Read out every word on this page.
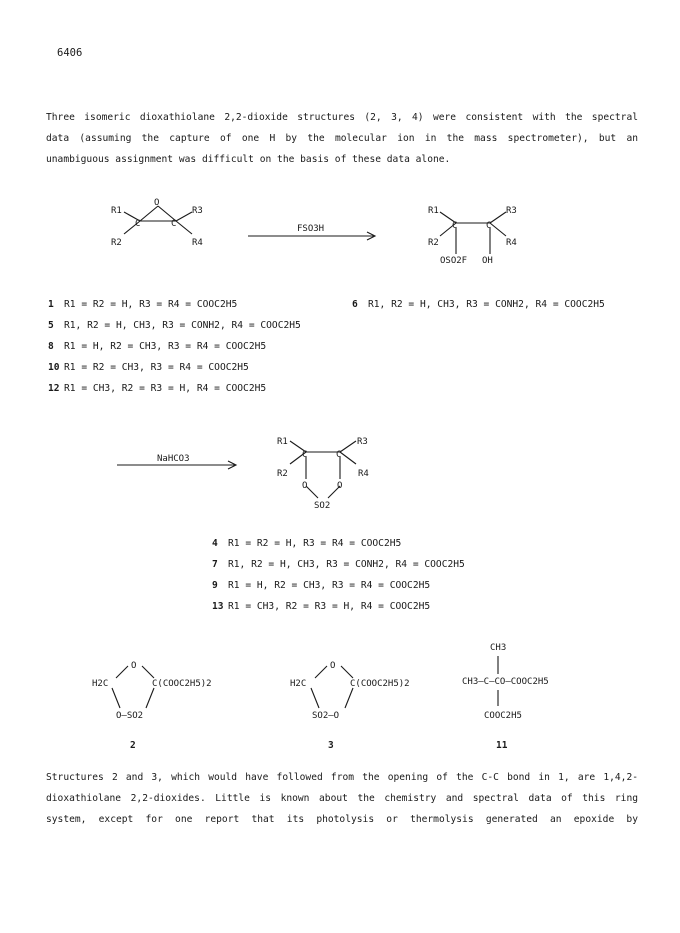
6406
Three isomeric dioxathiolane 2,2-dioxide structures (2, 3, 4) were consistent with the spectral
data (assuming the capture of one H by the molecular ion in the mass spectrometer), but an
unambiguous assignment was difficult on the basis of these data alone.
O
C	C
R1
R2
R3
R4
FSO3H	C	C
R1
R2
R3
R4
OSO2F OH
NaHCO3	C	C
R1
R2
R3
R4
O	O
SO2
1 R1 = R2 = H, R3 = R4 = COOC2H5
5 R1, R2 = H, CH3, R3 = CONH2, R4 = COOC2H5
8 R1 = H, R2 = CH3, R3 = R4 = COOC2H5
10 R1 = R2 = CH3, R3 = R4 = COOC2H5
12 R1 = CH3, R2 = R3 = H, R4 = COOC2H5
6 R1, R2 = H, CH3, R3 = CONH2, R4 = COOC2H5
4 R1 = R2 = H, R3 = R4 = COOC2H5
7 R1, R2 = H, CH3, R3 = CONH2, R4 = COOC2H5
9 R1 = H, R2 = CH3, R3 = R4 = COOC2H5
13 R1 = CH3, R2 = R3 = H, R4 = COOC2H5
O
H2C	C(COOC2H5)2
O—SO2
2
O
H2C	C(COOC2H5)2
SO2—O
3
CH3
CH3—C—CO—COOC2H5
COOC2H5
11
Structures 2 and 3, which would have followed from the opening of the C-C bond in 1, are 1,4,2-
dioxathiolane 2,2-dioxides. Little is known about the chemistry and spectral data of this ring
system, except for one report that its photolysis or thermolysis generated an epoxide by
